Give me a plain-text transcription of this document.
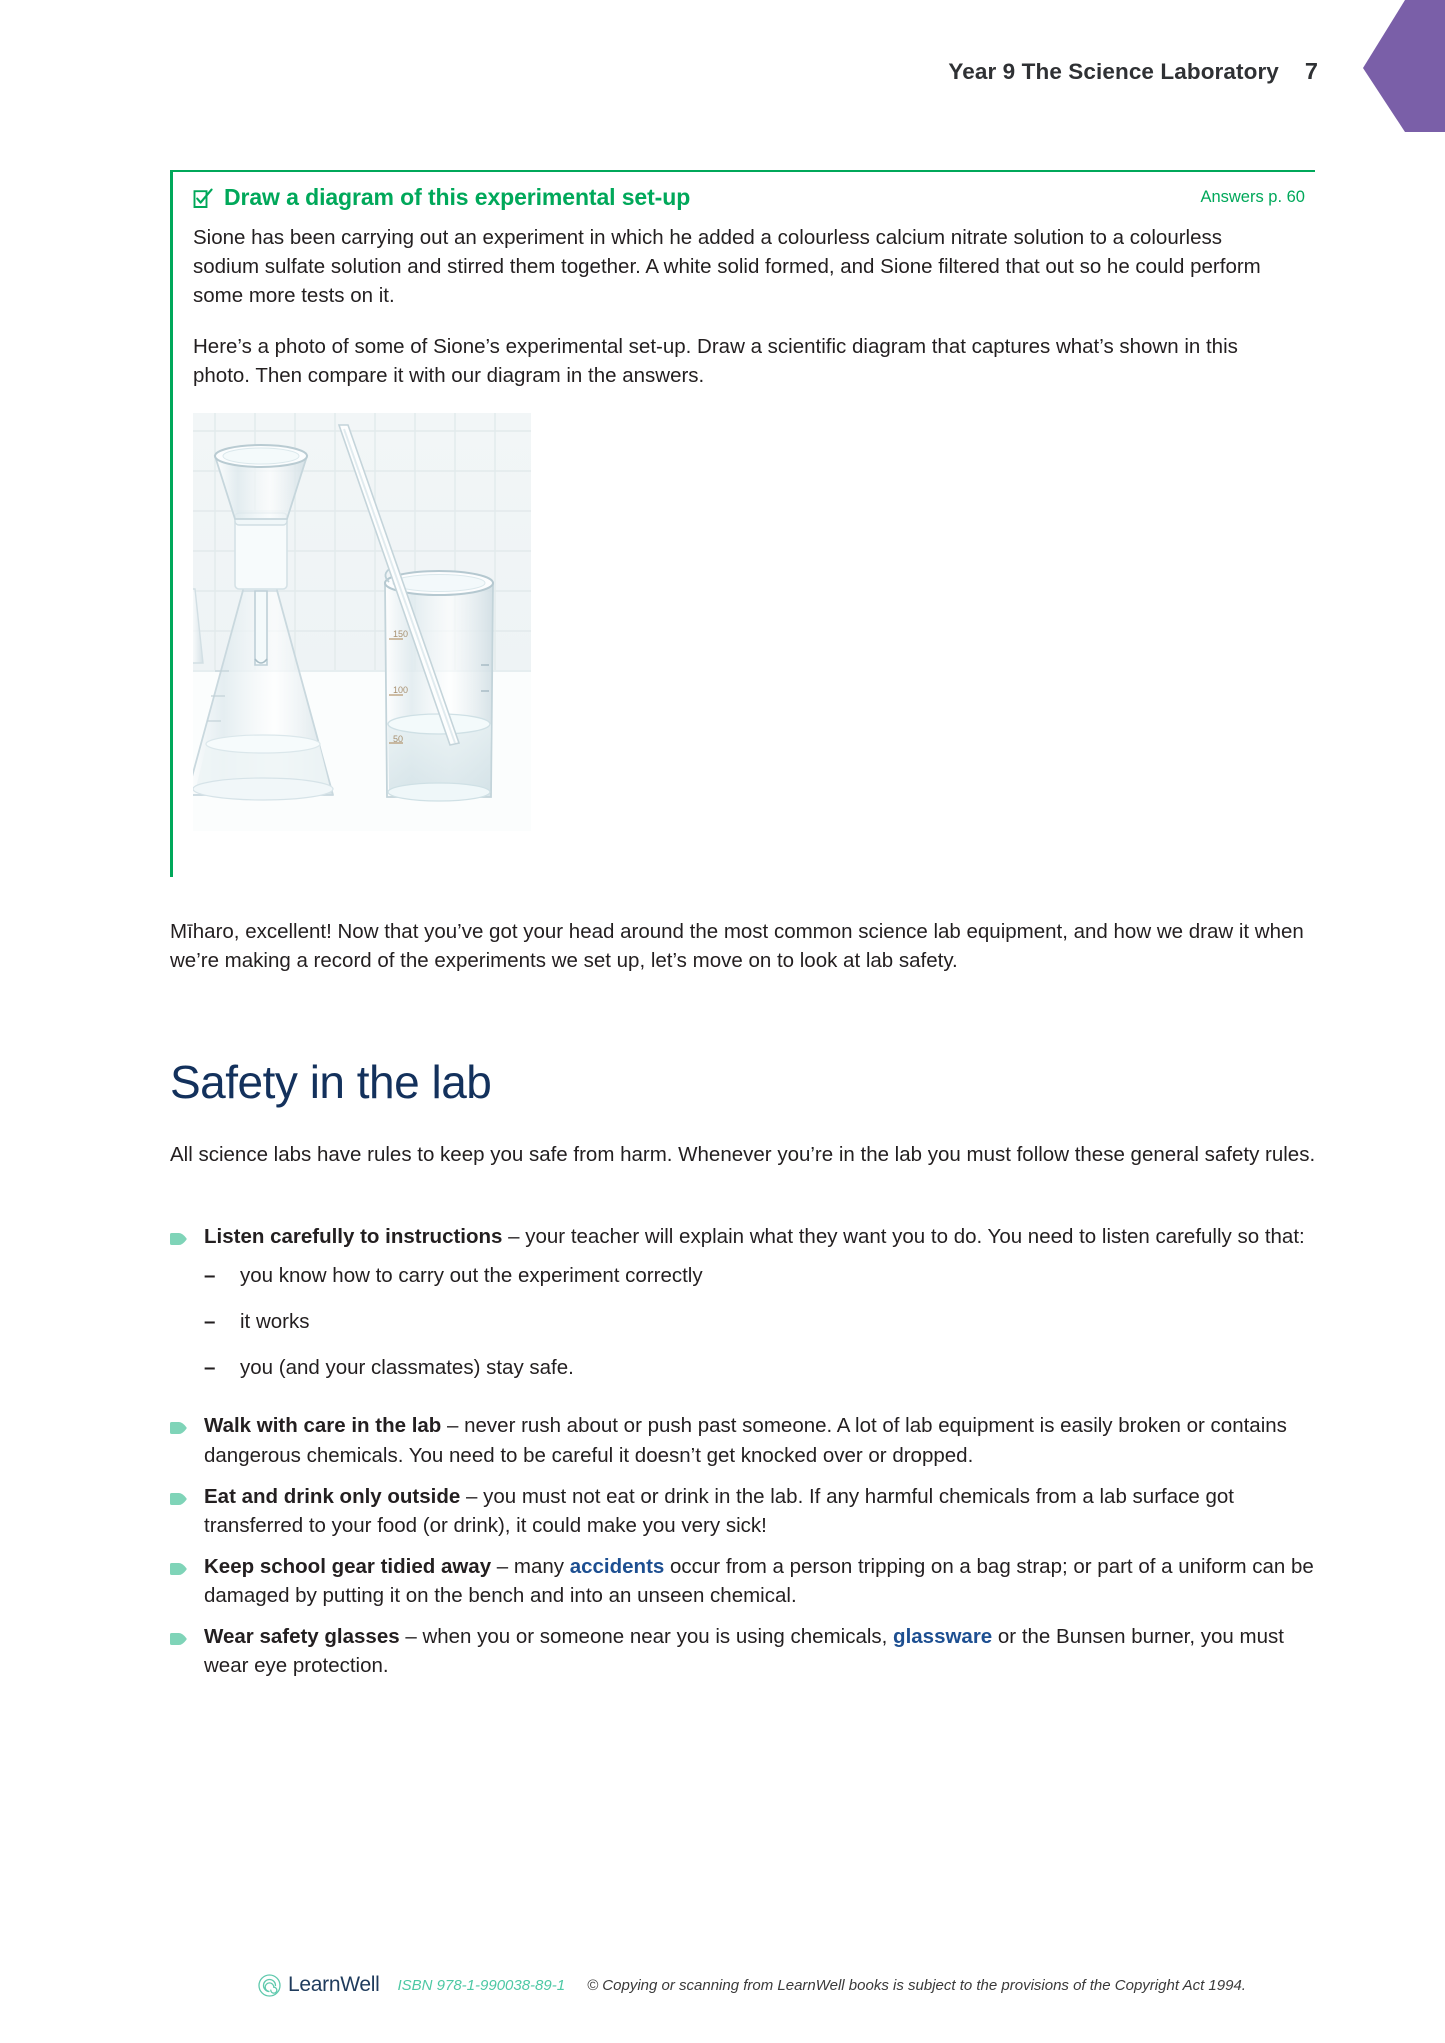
Year 9 The Science Laboratory 7
Draw a diagram of this experimental set-up	Answers p. 60

Sione has been carrying out an experiment in which he added a colourless calcium nitrate solution to a colourless sodium sulfate solution and stirred them together. A white solid formed, and Sione filtered that out so he could perform some more tests on it.

Here’s a photo of some of Sione’s experimental set-up. Draw a scientific diagram that captures what’s shown in this photo. Then compare it with our diagram in the answers.

150
100
50

Mīharo, excellent! Now that you’ve got your head around the most common science lab equipment, and how we draw it when we’re making a record of the experiments we set up, let’s move on to look at lab safety.

Safety in the lab

All science labs have rules to keep you safe from harm. Whenever you’re in the lab you must follow these general safety rules.

Listen carefully to instructions – your teacher will explain what they want you to do. You need to listen carefully so that:
–	you know how to carry out the experiment correctly
–	it works
–	you (and your classmates) stay safe.
Walk with care in the lab – never rush about or push past someone. A lot of lab equipment is easily broken or contains dangerous chemicals. You need to be careful it doesn’t get knocked over or dropped.
Eat and drink only outside – you must not eat or drink in the lab. If any harmful chemicals from a lab surface got transferred to your food (or drink), it could make you very sick!
Keep school gear tidied away – many accidents occur from a person tripping on a bag strap; or part of a uniform can be damaged by putting it on the bench and into an unseen chemical.
Wear safety glasses – when you or someone near you is using chemicals, glassware or the Bunsen burner, you must wear eye protection.
LearnWell ISBN 978-1-990038-89-1 © Copying or scanning from LearnWell books is subject to the provisions of the Copyright Act 1994.
